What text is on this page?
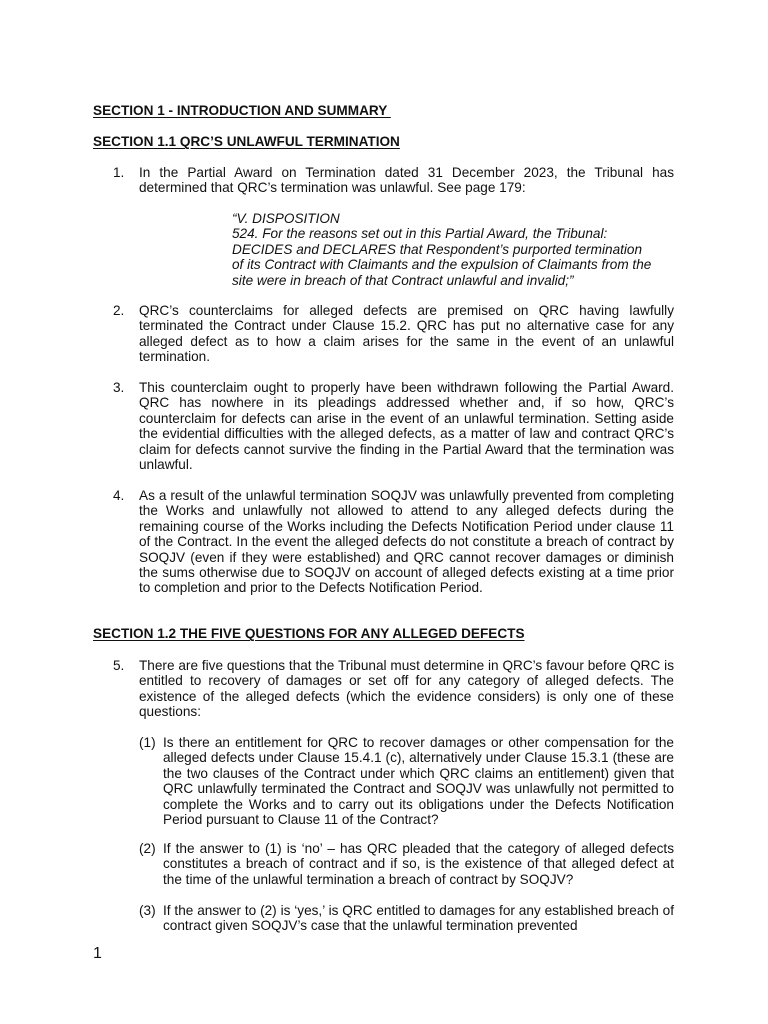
SECTION 1 - INTRODUCTION AND SUMMARY
SECTION 1.1 QRC’S UNLAWFUL TERMINATION
1.	In the Partial Award on Termination dated 31 December 2023, the Tribunal has determined that QRC’s termination was unlawful. See page 179:
“V. DISPOSITION
524. For the reasons set out in this Partial Award, the Tribunal:
DECIDES and DECLARES that Respondent’s purported termination
of its Contract with Claimants and the expulsion of Claimants from the
site were in breach of that Contract unlawful and invalid;”
2.	QRC’s counterclaims for alleged defects are premised on QRC having lawfully terminated the Contract under Clause 15.2. QRC has put no alternative case for any alleged defect as to how a claim arises for the same in the event of an unlawful termination.
3.	This counterclaim ought to properly have been withdrawn following the Partial Award. QRC has nowhere in its pleadings addressed whether and, if so how, QRC’s counterclaim for defects can arise in the event of an unlawful termination. Setting aside the evidential difficulties with the alleged defects, as a matter of law and contract QRC’s claim for defects cannot survive the finding in the Partial Award that the termination was unlawful.
4.	As a result of the unlawful termination SOQJV was unlawfully prevented from completing the Works and unlawfully not allowed to attend to any alleged defects during the remaining course of the Works including the Defects Notification Period under clause 11 of the Contract. In the event the alleged defects do not constitute a breach of contract by SOQJV (even if they were established) and QRC cannot recover damages or diminish the sums otherwise due to SOQJV on account of alleged defects existing at a time prior to completion and prior to the Defects Notification Period.
SECTION 1.2 THE FIVE QUESTIONS FOR ANY ALLEGED DEFECTS
5.	There are five questions that the Tribunal must determine in QRC’s favour before QRC is entitled to recovery of damages or set off for any category of alleged defects. The existence of the alleged defects (which the evidence considers) is only one of these questions:
(1) Is there an entitlement for QRC to recover damages or other compensation for the alleged defects under Clause 15.4.1 (c), alternatively under Clause 15.3.1 (these are the two clauses of the Contract under which QRC claims an entitlement) given that QRC unlawfully terminated the Contract and SOQJV was unlawfully not permitted to complete the Works and to carry out its obligations under the Defects Notification Period pursuant to Clause 11 of the Contract?
(2) If the answer to (1) is ‘no’ – has QRC pleaded that the category of alleged defects constitutes a breach of contract and if so, is the existence of that alleged defect at the time of the unlawful termination a breach of contract by SOQJV?
(3) If the answer to (2) is ‘yes,’ is QRC entitled to damages for any established breach of contract given SOQJV’s case that the unlawful termination prevented
1
